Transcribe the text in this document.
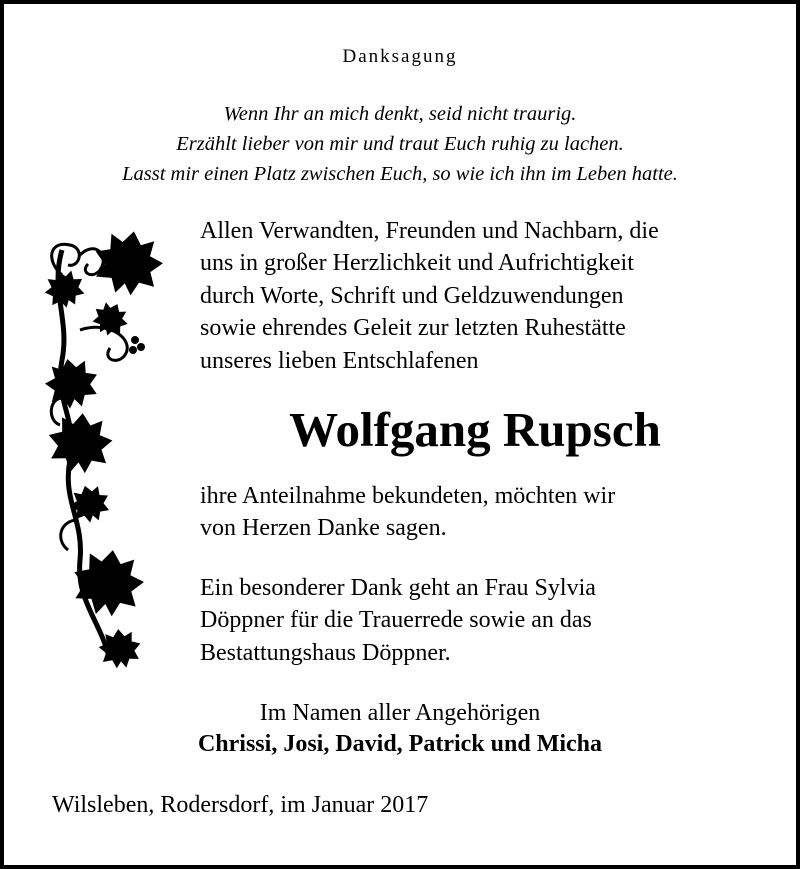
Danksagung
Wenn Ihr an mich denkt, seid nicht traurig.
Erzählt lieber von mir und traut Euch ruhig zu lachen.
Lasst mir einen Platz zwischen Euch, so wie ich ihn im Leben hatte.
Allen Verwandten, Freunden und Nachbarn, die
uns in großer Herzlichkeit und Aufrichtigkeit
durch Worte, Schrift und Geldzuwendungen
sowie ehrendes Geleit zur letzten Ruhestätte
unseres lieben Entschlafenen
Wolfgang Rupsch
ihre Anteilnahme bekundeten, möchten wir
von Herzen Danke sagen.
Ein besonderer Dank geht an Frau Sylvia
Döppner für die Trauerrede sowie an das
Bestattungshaus Döppner.
Im Namen aller Angehörigen
Chrissi, Josi, David, Patrick und Micha
Wilsleben, Rodersdorf, im Januar 2017
